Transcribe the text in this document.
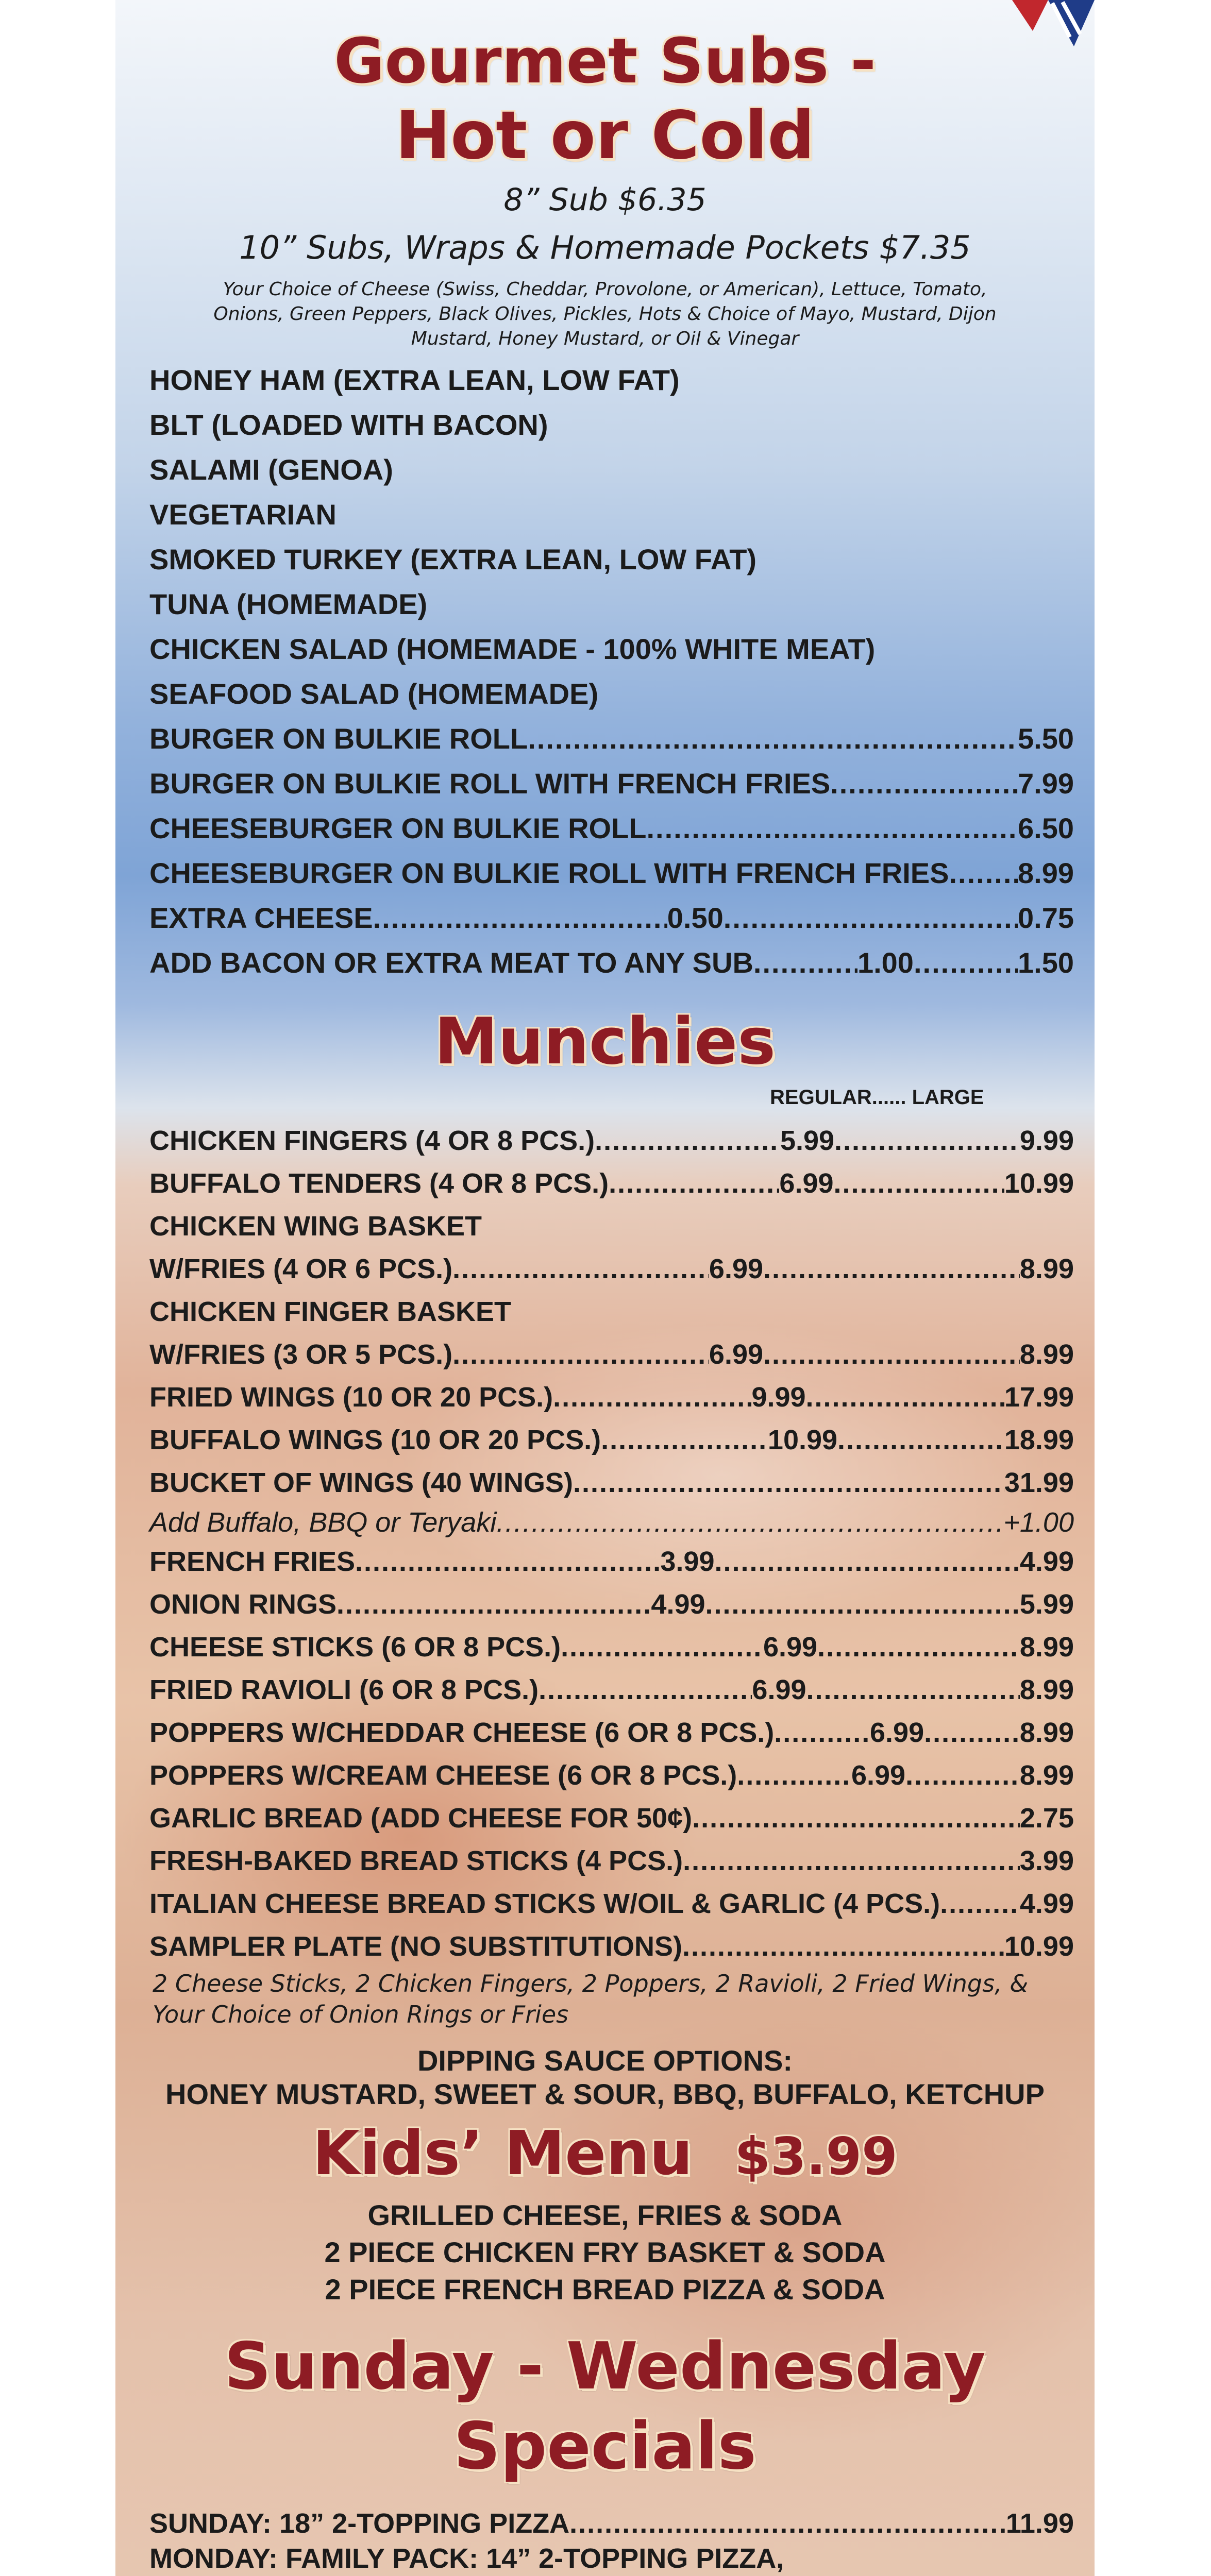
Gourmet Subs -
Hot or Cold
8” Sub $6.35
10” Subs, Wraps & Homemade Pockets $7.35
Your Choice of Cheese (Swiss, Cheddar, Provolone, or American), Lettuce, Tomato, Onions, Green Peppers, Black Olives, Pickles, Hots & Choice of Mayo, Mustard, Dijon Mustard, Honey Mustard, or Oil & Vinegar
HONEY HAM (EXTRA LEAN, LOW FAT)
BLT (LOADED WITH BACON)
SALAMI (GENOA)
VEGETARIAN
SMOKED TURKEY (EXTRA LEAN, LOW FAT)
TUNA (HOMEMADE)
CHICKEN SALAD (HOMEMADE - 100% WHITE MEAT)
SEAFOOD SALAD (HOMEMADE)
BURGER ON BULKIE ROLL .....	5.50
BURGER ON BULKIE ROLL WITH FRENCH FRIES .....	7.99
CHEESEBURGER ON BULKIE ROLL .....	6.50
CHEESEBURGER ON BULKIE ROLL WITH FRENCH FRIES ..... 8.99
EXTRA CHEESE .....	0.50 .....	0.75
ADD BACON OR EXTRA MEAT TO ANY SUB .....	1.00 .....	1.50
Munchies
REGULAR...... LARGE
CHICKEN FINGERS (4 OR 8 PCS.) .....	5.99 .....	9.99
BUFFALO TENDERS (4 OR 8 PCS.) .....	6.99 .....	10.99
CHICKEN WING BASKET
W/FRIES (4 OR 6 PCS.) .....	6.99 .....	8.99
CHICKEN FINGER BASKET
W/FRIES (3 OR 5 PCS.) .....	6.99 .....	8.99
FRIED WINGS (10 OR 20 PCS.) .....	9.99 .....	17.99
BUFFALO WINGS (10 OR 20 PCS.) .....	10.99 .....	18.99
BUCKET OF WINGS (40 WINGS) .....	31.99
Add Buffalo, BBQ or Teryaki .....	+1.00
FRENCH FRIES .....	3.99 .....	4.99
ONION RINGS .....	4.99 .....	5.99
CHEESE STICKS (6 OR 8 PCS.) .....	6.99 .....	8.99
FRIED RAVIOLI (6 OR 8 PCS.) .....	6.99 .....	8.99
POPPERS W/CHEDDAR CHEESE (6 OR 8 PCS.) .....	6.99 .....	8.99
POPPERS W/CREAM CHEESE (6 OR 8 PCS.) .....	6.99 .....	8.99
GARLIC BREAD (ADD CHEESE FOR 50¢) .....	2.75
FRESH-BAKED BREAD STICKS (4 PCS.) .....	3.99
ITALIAN CHEESE BREAD STICKS W/OIL & GARLIC (4 PCS.) .....	4.99
SAMPLER PLATE (NO SUBSTITUTIONS) .....	10.99
2 Cheese Sticks, 2 Chicken Fingers, 2 Poppers, 2 Ravioli, 2 Fried Wings, & Your Choice of Onion Rings or Fries
DIPPING SAUCE OPTIONS:
HONEY MUSTARD, SWEET & SOUR, BBQ, BUFFALO, KETCHUP
Kids’ Menu $3.99
GRILLED CHEESE, FRIES & SODA
2 PIECE CHICKEN FRY BASKET & SODA
2 PIECE FRENCH BREAD PIZZA & SODA
Sunday - Wednesday
Specials
SUNDAY: 18” 2-TOPPING PIZZA .....	11.99
MONDAY: FAMILY PACK: 14” 2-TOPPING PIZZA,
.....
